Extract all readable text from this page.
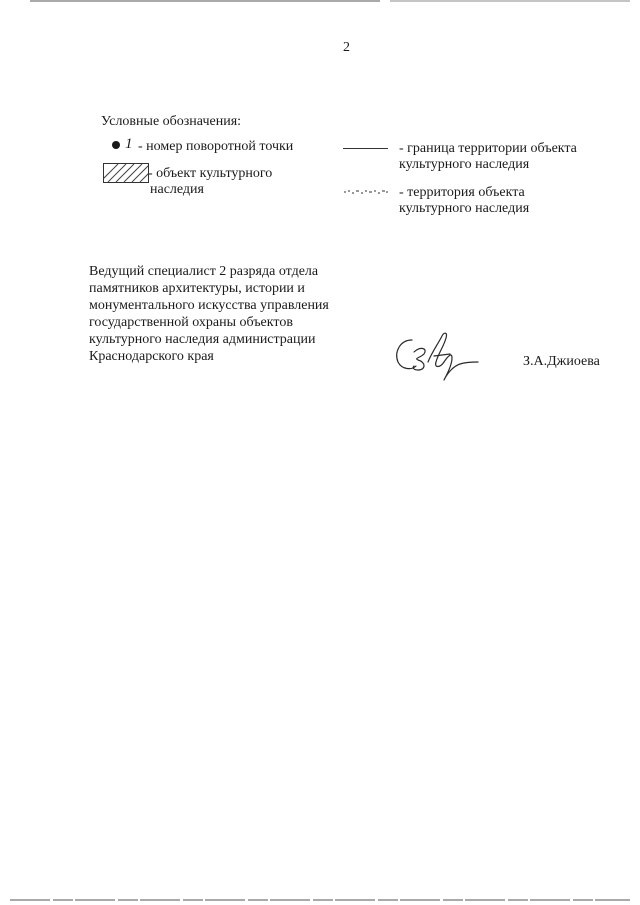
2
Условные обозначения:
1 - номер поворотной точки
- объект культурного
наследия
- граница территории объекта
культурного наследия
- территория объекта
культурного наследия
Ведущий специалист 2 разряда отдела
памятников архитектуры, истории и
монументального искусства управления
государственной охраны объектов
культурного наследия администрации
Краснодарского края	З.А.Джиоева
